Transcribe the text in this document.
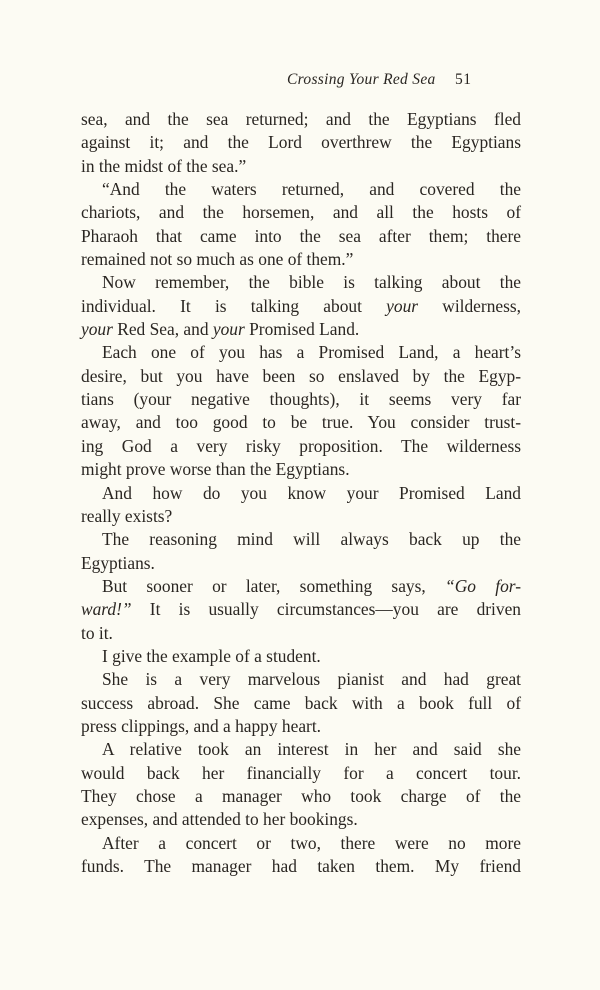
Crossing Your Red Sea 51
sea, and the sea returned; and the Egyptians fled
against it; and the Lord overthrew the Egyptians
in the midst of the sea.”
“And the waters returned, and covered the
chariots, and the horsemen, and all the hosts of
Pharaoh that came into the sea after them; there
remained not so much as one of them.”
Now remember, the bible is talking about the
individual. It is talking about your wilderness,
your Red Sea, and your Promised Land.
Each one of you has a Promised Land, a heart’s
desire, but you have been so enslaved by the Egyp-
tians (your negative thoughts), it seems very far
away, and too good to be true. You consider trust-
ing God a very risky proposition. The wilderness
might prove worse than the Egyptians.
And how do you know your Promised Land
really exists?
The reasoning mind will always back up the
Egyptians.
But sooner or later, something says, “Go for-
ward!” It is usually circumstances—you are driven
to it.
I give the example of a student.
She is a very marvelous pianist and had great
success abroad. She came back with a book full of
press clippings, and a happy heart.
A relative took an interest in her and said she
would back her financially for a concert tour.
They chose a manager who took charge of the
expenses, and attended to her bookings.
After a concert or two, there were no more
funds. The manager had taken them. My friend
